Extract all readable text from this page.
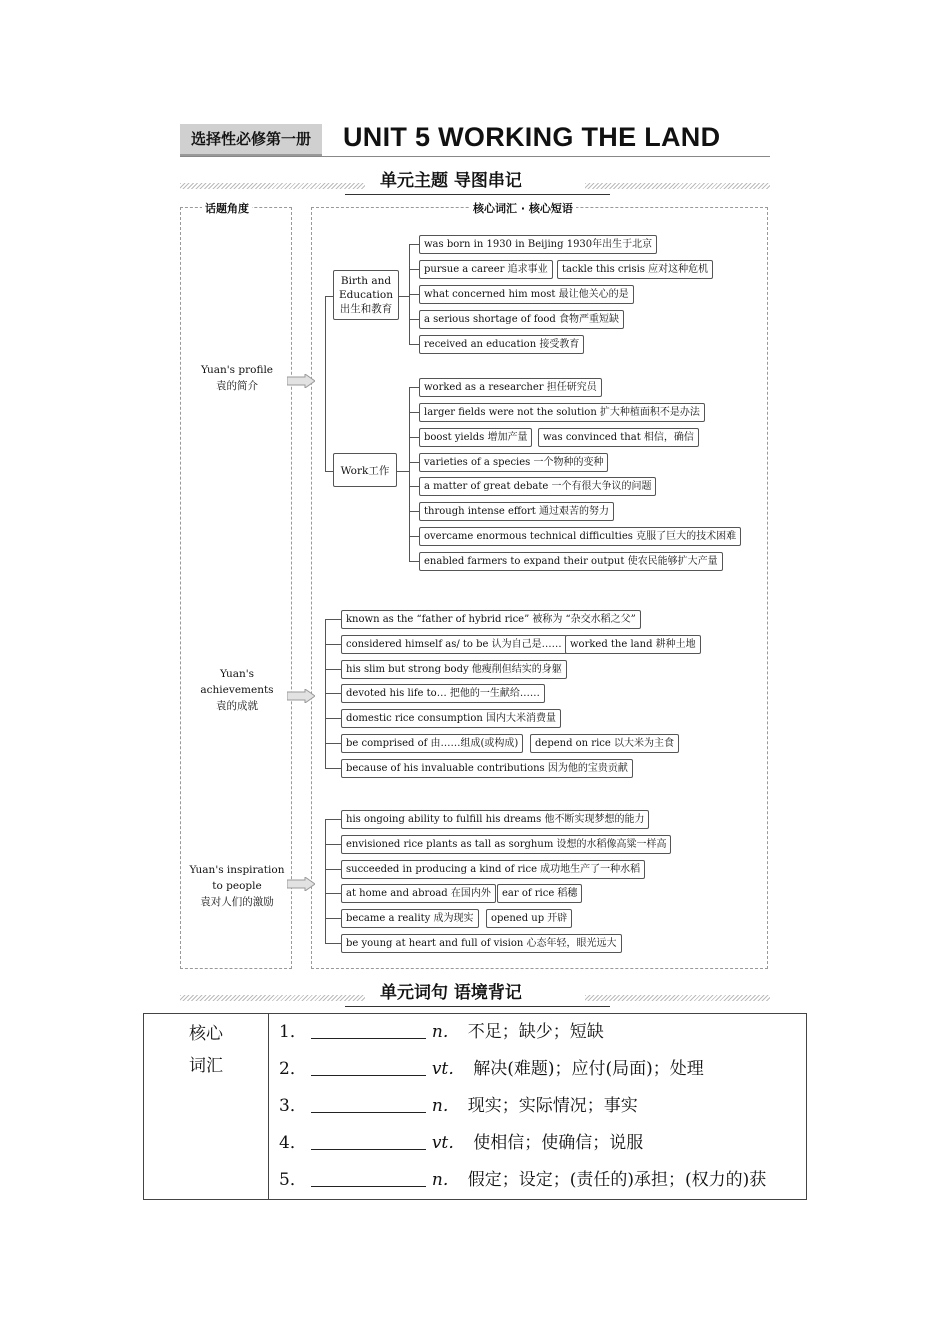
选择性必修第一册	UNIT 5 WORKING THE LAND
单元主题 导图串记
话题角度	核心词汇 · 核心短语
Yuan's profile
袁的简介
Yuan's
achievements
袁的成就
Yuan's inspiration
to people
袁对人们的激励
Birth and
Education
出生和教育
Work工作
was born in 1930 in Beijing 1930年出生于北京
pursue a career 追求事业	tackle this crisis 应对这种危机
what concerned him most 最让他关心的是
a serious shortage of food 食物严重短缺
received an education 接受教育
worked as a researcher 担任研究员
larger fields were not the solution 扩大种植面积不是办法
boost yields 增加产量	was convinced that 相信，确信
varieties of a species 一个物种的变种
a matter of great debate 一个有很大争议的问题
through intense effort 通过艰苦的努力
overcame enormous technical difficulties 克服了巨大的技术困难
enabled farmers to expand their output 使农民能够扩大产量
known as the “father of hybrid rice” 被称为 “杂交水稻之父”
considered himself as/ to be 认为自己是…… worked the land 耕种土地
his slim but strong body 他瘦削但结实的身躯
devoted his life to… 把他的一生献给……
domestic rice consumption 国内大米消费量
be comprised of 由……组成(或构成)	depend on rice 以大米为主食
because of his invaluable contributions 因为他的宝贵贡献
his ongoing ability to fulfill his dreams 他不断实现梦想的能力
envisioned rice plants as tall as sorghum 设想的水稻像高粱一样高
succeeded in producing a kind of rice 成功地生产了一种水稻
at home and abroad 在国内外	ear of rice 稻穗
became a reality 成为现实	opened up 开辟
be young at heart and full of vision 心态年轻，眼光远大
单元词句 语境背记
核心
词汇
	1．	n． 不足；缺少；短缺
2．	vt． 解决(难题)；应付(局面)；处理
3．	n． 现实；实际情况；事实
4．	vt． 使相信；使确信；说服
5．	n． 假定；设定；(责任的)承担；(权力的)获
